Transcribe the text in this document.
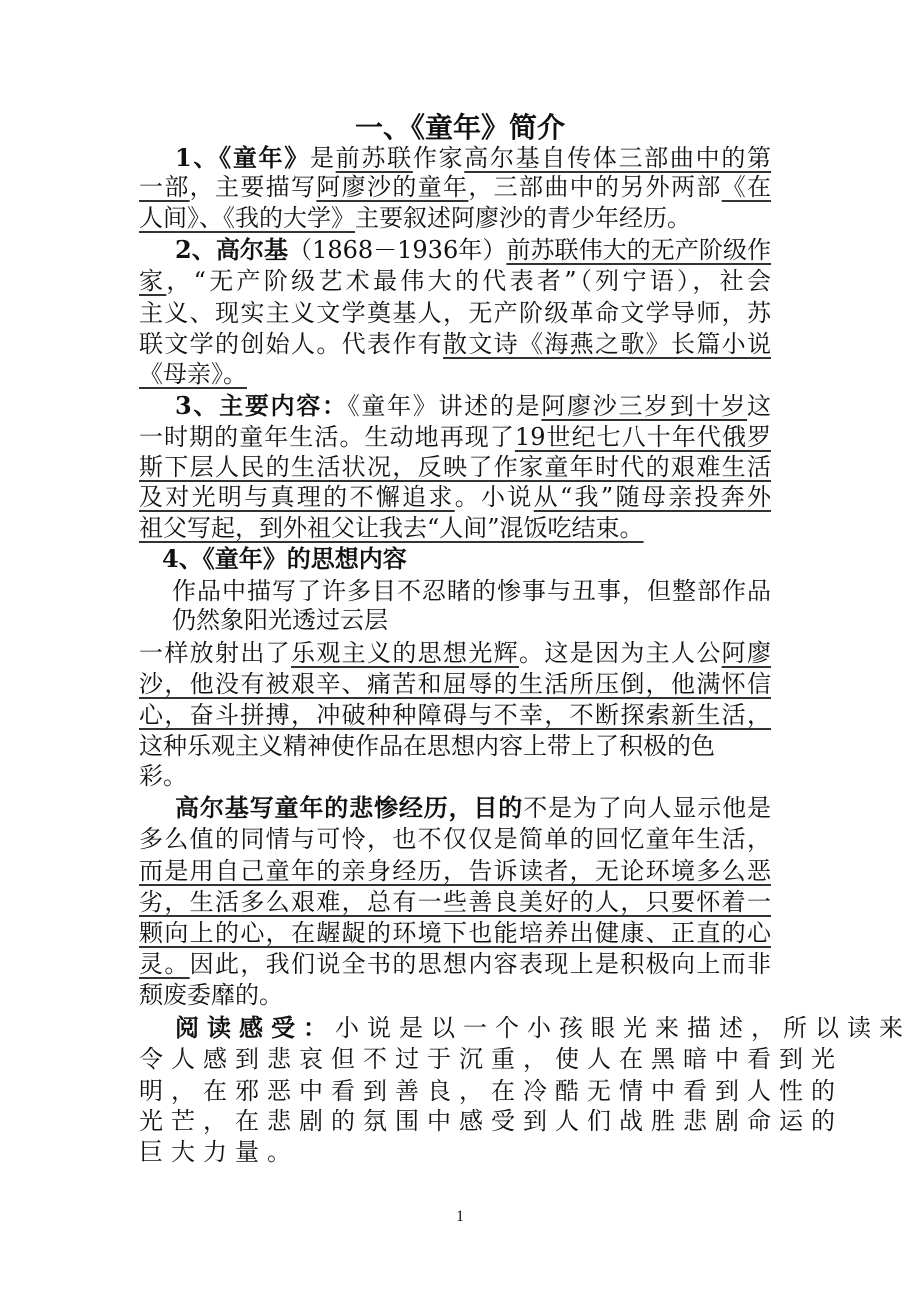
一、《童年》简介
1、《童年》是前苏联作家高尔基自传体三部曲中的第
一部，主要描写阿廖沙的童年，三部曲中的另外两部《在
人间》、《我的大学》主要叙述阿廖沙的青少年经历。
2、高尔基（1868－1936年）前苏联伟大的无产阶级作
家，“无产阶级艺术最伟大的代表者”（列宁语），社会
主义、现实主义文学奠基人，无产阶级革命文学导师，苏
联文学的创始人。代表作有散文诗《海燕之歌》长篇小说
《母亲》。
3、主要内容：《童年》讲述的是阿廖沙三岁到十岁这
一时期的童年生活。生动地再现了19世纪七八十年代俄罗
斯下层人民的生活状况，反映了作家童年时代的艰难生活
及对光明与真理的不懈追求。小说从“我”随母亲投奔外
祖父写起，到外祖父让我去“人间”混饭吃结束。
4、《童年》的思想内容
作品中描写了许多目不忍睹的惨事与丑事，但整部作品
仍然象阳光透过云层
一样放射出了乐观主义的思想光辉。这是因为主人公阿廖
沙，他没有被艰辛、痛苦和屈辱的生活所压倒，他满怀信
心，奋斗拼搏，冲破种种障碍与不幸，不断探索新生活，
这种乐观主义精神使作品在思想内容上带上了积极的色
彩。
高尔基写童年的悲惨经历，目的不是为了向人显示他是
多么值的同情与可怜，也不仅仅是简单的回忆童年生活，
而是用自己童年的亲身经历，告诉读者，无论环境多么恶
劣，生活多么艰难，总有一些善良美好的人，只要怀着一
颗向上的心，在龌龊的环境下也能培养出健康、正直的心
灵。因此，我们说全书的思想内容表现上是积极向上而非
颓废委靡的。
阅读感受：小说是以一个小孩眼光来描述，所以读来
令人感到悲哀但不过于沉重，使人在黑暗中看到光
明，在邪恶中看到善良，在冷酷无情中看到人性的
光芒，在悲剧的氛围中感受到人们战胜悲剧命运的
巨大力量。
1
